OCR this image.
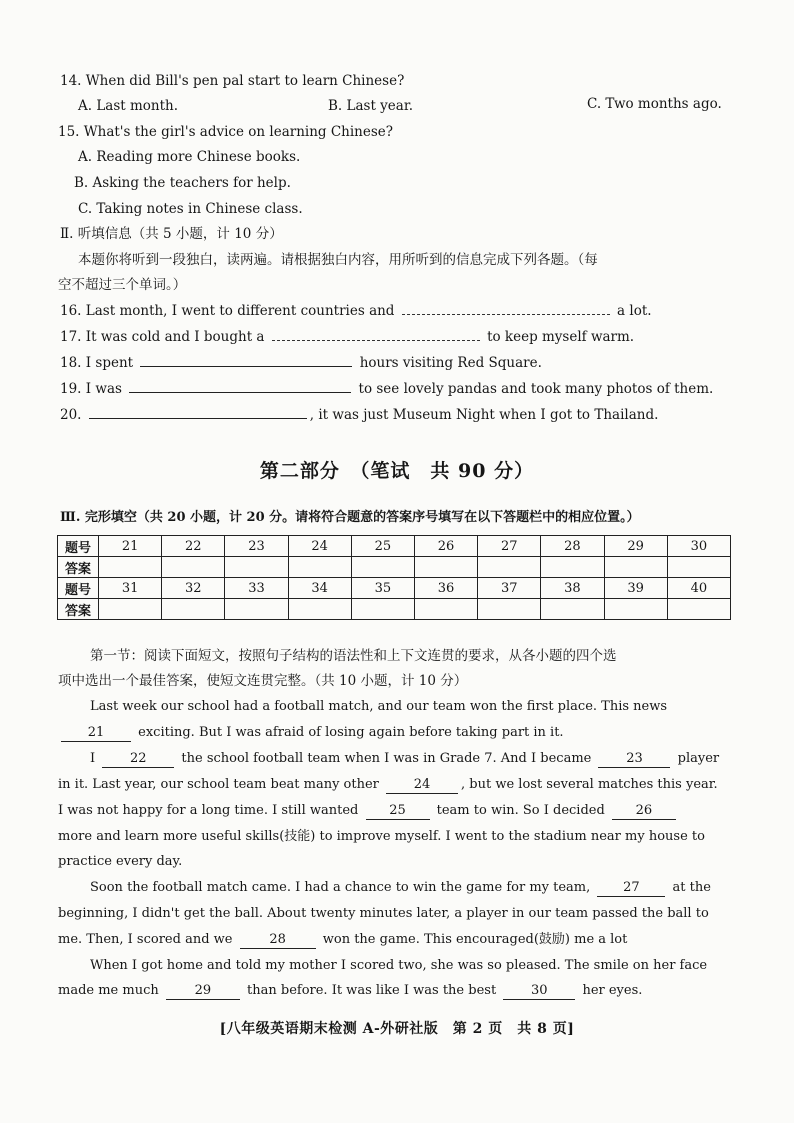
14. When did Bill's pen pal start to learn Chinese?
A. Last month.	B. Last year.	C. Two months ago.
15. What's the girl's advice on learning Chinese?
A. Reading more Chinese books.
B. Asking the teachers for help.
C. Taking notes in Chinese class.
Ⅱ. 听填信息（共 5 小题，计 10 分）
本题你将听到一段独白，读两遍。请根据独白内容，用所听到的信息完成下列各题。（每
空不超过三个单词。）
16. Last month, I went to different countries and	a lot.
17. It was cold and I bought a	to keep myself warm.
18. I spent	hours visiting Red Square.
19. I was	to see lovely pandas and took many photos of them.
20.	, it was just Museum Night when I got to Thailand.
第二部分　（笔试　共 90 分）
Ⅲ. 完形填空（共 20 小题，计 20 分。请将符合题意的答案序号填写在以下答题栏中的相应位置。）
题号	21	22	23	24	25	26	27	28	29	30
答案										
题号	31	32	33	34	35	36	37	38	39	40
答案										
第一节：阅读下面短文，按照句子结构的语法性和上下文连贯的要求，从各小题的四个选
项中选出一个最佳答案，使短文连贯完整。（共 10 小题，计 10 分）
Last week our school had a football match, and our team won the first place. This news
21	exciting. But I was afraid of losing again before taking part in it.
I	22	the school football team when I was in Grade 7. And I became	23	player
in it. Last year, our school team beat many other	24 , but we lost several matches this year.
I was not happy for a long time. I still wanted 25 team to win. So I decided 26
more and learn more useful skills(技能) to improve myself. I went to the stadium near my house to
practice every day.
Soon the football match came. I had a chance to win the game for my team,	27	at the
beginning, I didn't get the ball. About twenty minutes later, a player in our team passed the ball to
me. Then, I scored and we	28	won the game. This encouraged(鼓励) me a lot
When I got home and told my mother I scored two, she was so pleased. The smile on her face
made me much	29	than before. It was like I was the best	30	her eyes.
[八年级英语期末检测 A-外研社版　第 2 页　共 8 页]
